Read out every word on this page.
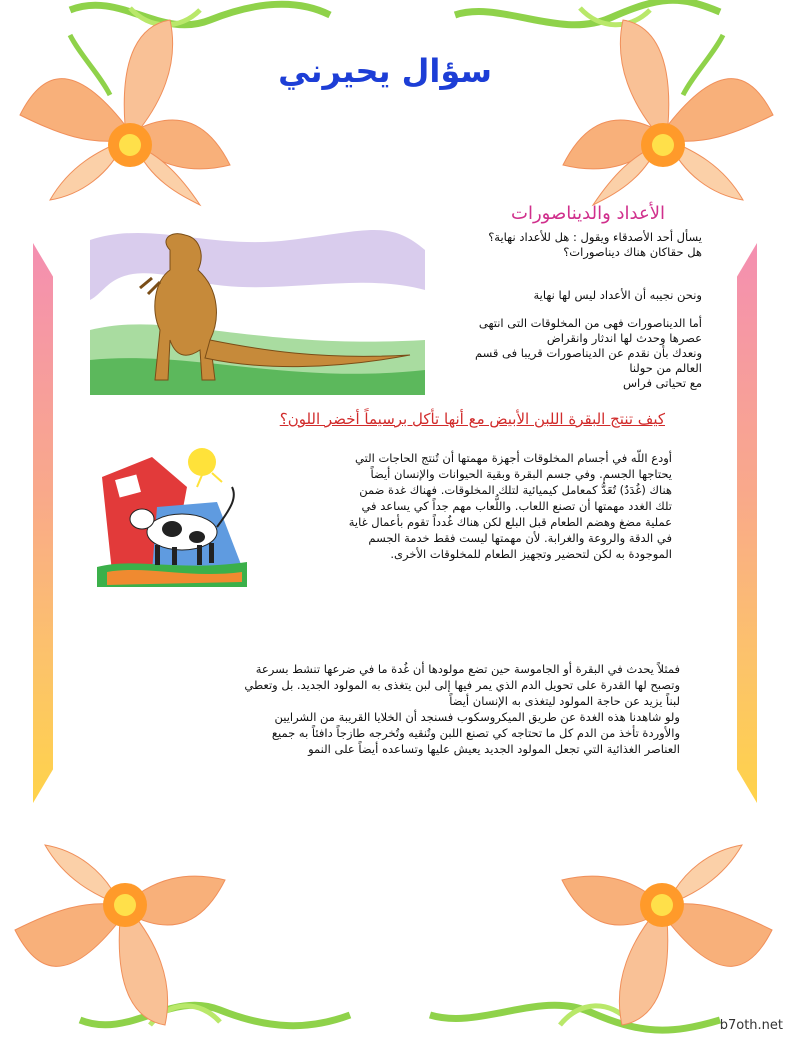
سؤال يحيرني
الأعداد والديناصورات
يسأل أحد الأصدقاء ويقول : هل للأعداد نهاية؟
هل حقاكان هناك ديناصورات؟
ونحن نجيبه أن الأعداد ليس لها نهاية
أما الديناصورات فهى من المخلوقات التى انتهى
عصرها وحدث لها اندثار وانقراض
ونعدك بأن نقدم عن الديناصورات قريبا فى قسم
العالم من حولنا
مع تحياتى فراس
كيف تنتج البقرة اللبن الأبيض مع أنها تأكل برسيماً أخضر اللون؟
أودع اللّه في أجسام المخلوقات أجهزة مهمتها أن تُنتج الحاجات التي
يحتاجها الجسم. وفي جسم البقرة وبقية الحيوانات والإنسان أيضاً
هناك (غُدَدٌ) تُعَدُّ كمعامل كيميائية لتلك المخلوقات. فهناك غدة ضمن
تلك الغدد مهمتها أن تصنع اللعاب. واللُّعاب مهم جداً كي يساعد في
عملية مضغ وهضم الطعام قبل البلع لكن هناك غُدداً تقوم بأعمال غاية
في الدقة والروعة والغرابة. لأن مهمتها ليست فقط خدمة الجسم
الموجودة به لكن لتحضير وتجهيز الطعام للمخلوقات الأخرى.
فمثلاً يحدث في البقرة أو الجاموسة حين تضع مولودها أن غُدة ما في ضرعها تنشط بسرعة
وتصبح لها القدرة على تحويل الدم الذي يمر فيها إلى لبن يتغذى به المولود الجديد. بل وتعطي
لبناً يزيد عن حاجة المولود ليتغذى به الإنسان أيضاً
ولو شاهدنا هذه الغدة عن طريق الميكروسكوب فسنجد أن الخلايا القريبة من الشرايين
والأوردة تأخذ من الدم كل ما تحتاجه كي تصنع اللبن وتُنقيه وتُخرجه طازجاً دافئاً به جميع
العناصر الغذائية التي تجعل المولود الجديد يعيش عليها وتساعده أيضاً على النمو
b7oth.net
